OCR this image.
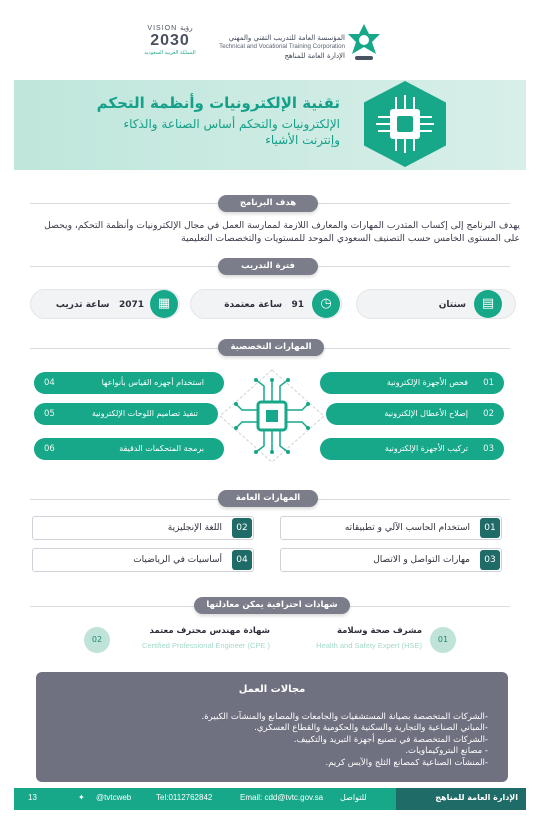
المؤسسة العامة للتدريب التقني والمهني
Technical and Vocational Training Corporation
الإدارة العامة للمناهج
VISION رؤية
2030
المملكة العربية السعودية
تقنية الإلكترونيات وأنظمة التحكم
الإلكترونيات والتحكم أساس الصناعة والذكاء
وإنترنت الأشياء
هدف البرنامج
يهدف البرنامج إلى إكساب المتدرب المهارات والمعارف اللازمة لممارسة العمل في مجال الإلكترونيات وأنظمة التحكم، ويحصل على المستوى الخامس حسب التصنيف السعودي الموحد للمستويات والتخصصات التعليمية
فترة التدريب
▤
سنتان
◷
91   ساعة معتمدة
▦
2071   ساعة تدريب
المهارات التخصصية
01
فحص الأجهزة الإلكترونية
02
إصلاح الأعطال الإلكترونية
03
تركيب الأجهزة الإلكترونية
04	استخدام أجهزه القياس بأنواعها
05	تنفيذ تصاميم اللوحات الإلكترونية
06	برمجة المتحكمات الدقيقة
المهارات العامة
01
استخدام الحاسب الآلي و تطبيقاته
02
اللغة الإنجليزية
03
مهارات التواصل و الاتصال
04
أساسيات في الرياضيات
شهادات احترافية يمكن معادلتها
01
مشرف صحة وسلامة
Health and Safety Expert (HSE)
02
شهادة مهندس محترف معتمد
Certified Professional Engineer (CPE )
مجالات العمل
-الشركات المتخصصة بصيانة المستشفيات والجامعات والمصانع والمنشآت الكبيرة.
-المباني الصناعية والتجارية والسكنية والحكومية والقطاع العسكري.
-الشركات المتخصصة في تصنيع أجهزة التبريد والتكييف.
- مصانع البتروكيماويات.
-المنشآت الصناعية كمصانع الثلج والآيس كريم.
الإدارة العامة للمناهج
للتواصل
Email: cdd@tvtc.gov.sa
Tel:0112762842
✦ @tvtcweb
13
